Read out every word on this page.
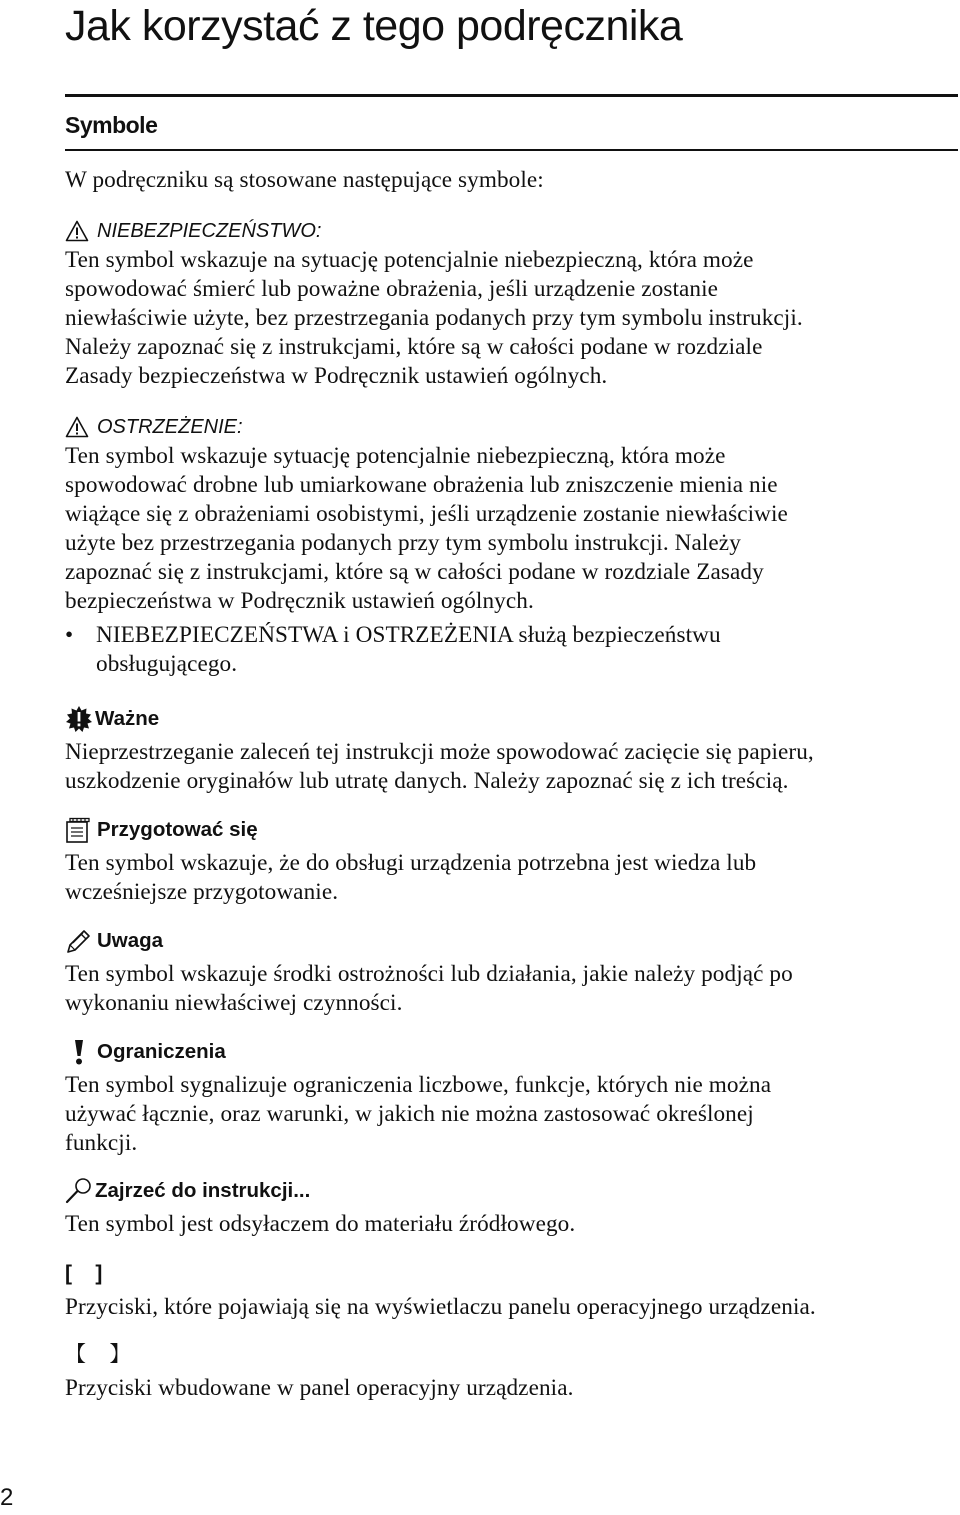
Jak korzystać z tego podręcznika
Symbole

W podręczniku są stosowane następujące symbole:

NIEBEZPIECZEŃSTWO:

Ten symbol wskazuje na sytuację potencjalnie niebezpieczną, która może

spowodować śmierć lub poważne obrażenia, jeśli urządzenie zostanie

niewłaściwie użyte, bez przestrzegania podanych przy tym symbolu instrukcji.

Należy zapoznać się z instrukcjami, które są w całości podane w rozdziale

Zasady bezpieczeństwa w Podręcznik ustawień ogólnych.

OSTRZEŻENIE:

Ten symbol wskazuje sytuację potencjalnie niebezpieczną, która może

spowodować drobne lub umiarkowane obrażenia lub zniszczenie mienia nie

wiążące się z obrażeniami osobistymi, jeśli urządzenie zostanie niewłaściwie

użyte bez przestrzegania podanych przy tym symbolu instrukcji. Należy

zapoznać się z instrukcjami, które są w całości podane w rozdziale Zasady

bezpieczeństwa w Podręcznik ustawień ogólnych.

• NIEBEZPIECZEŃSTWA i OSTRZEŻENIA służą bezpieczeństwu

obsługującego.

Ważne

Nieprzestrzeganie zaleceń tej instrukcji może spowodować zacięcie się papieru,

uszkodzenie oryginałów lub utratę danych. Należy zapoznać się z ich treścią.

Przygotować się

Ten symbol wskazuje, że do obsługi urządzenia potrzebna jest wiedza lub

wcześniejsze przygotowanie.

Uwaga

Ten symbol wskazuje środki ostrożności lub działania, jakie należy podjąć po

wykonaniu niewłaściwej czynności.

Ograniczenia

Ten symbol sygnalizuje ograniczenia liczbowe, funkcje, których nie można

używać łącznie, oraz warunki, w jakich nie można zastosować określonej

funkcji.

Zajrzeć do instrukcji...

Ten symbol jest odsyłaczem do materiału źródłowego.

[    ]

Przyciski, które pojawiają się na wyświetlaczu panelu operacyjnego urządzenia.

【    】

Przyciski wbudowane w panel operacyjny urządzenia.

2
